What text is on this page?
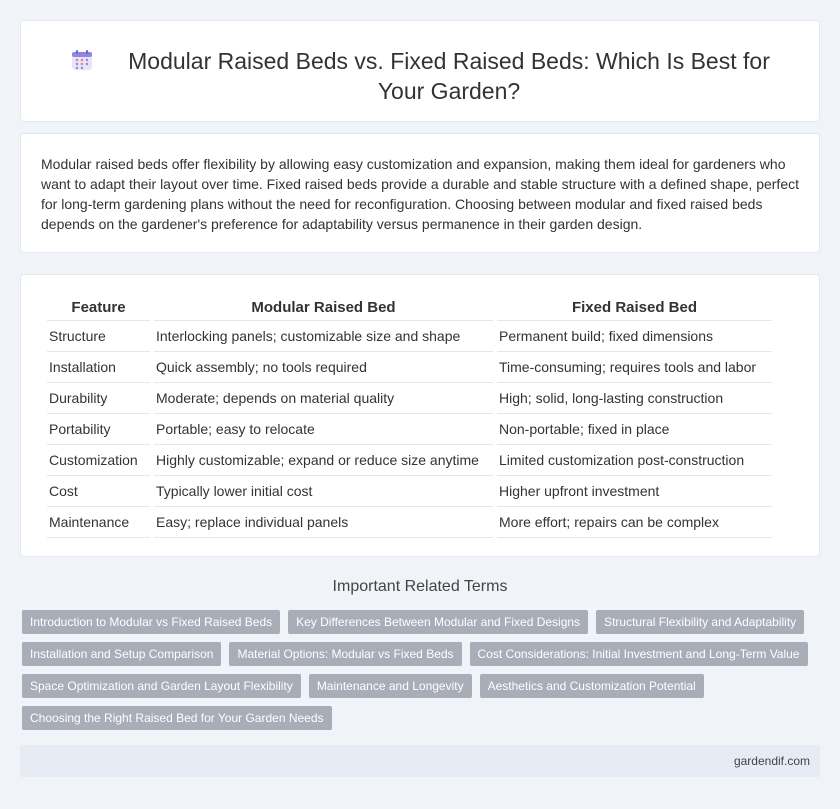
Modular Raised Beds vs. Fixed Raised Beds: Which Is Best for Your Garden?

Modular raised beds offer flexibility by allowing easy customization and expansion, making them ideal for gardeners who want to adapt their layout over time. Fixed raised beds provide a durable and stable structure with a defined shape, perfect for long-term gardening plans without the need for reconfiguration. Choosing between modular and fixed raised beds depends on the gardener's preference for adaptability versus permanence in their garden design.

Feature	Modular Raised Bed	Fixed Raised Bed
Structure	Interlocking panels; customizable size and shape	Permanent build; fixed dimensions
Installation	Quick assembly; no tools required	Time-consuming; requires tools and labor
Durability	Moderate; depends on material quality	High; solid, long-lasting construction
Portability	Portable; easy to relocate	Non-portable; fixed in place
Customization	Highly customizable; expand or reduce size anytime	Limited customization post-construction
Cost	Typically lower initial cost	Higher upfront investment
Maintenance	Easy; replace individual panels	More effort; repairs can be complex
Important Related Terms
Introduction to Modular vs Fixed Raised Beds	Key Differences Between Modular and Fixed Designs	Structural Flexibility and Adaptability
Installation and Setup Comparison	Material Options: Modular vs Fixed Beds	Cost Considerations: Initial Investment and Long-Term Value
Space Optimization and Garden Layout Flexibility	Maintenance and Longevity	Aesthetics and Customization Potential
Choosing the Right Raised Bed for Your Garden Needs
gardendif.com
